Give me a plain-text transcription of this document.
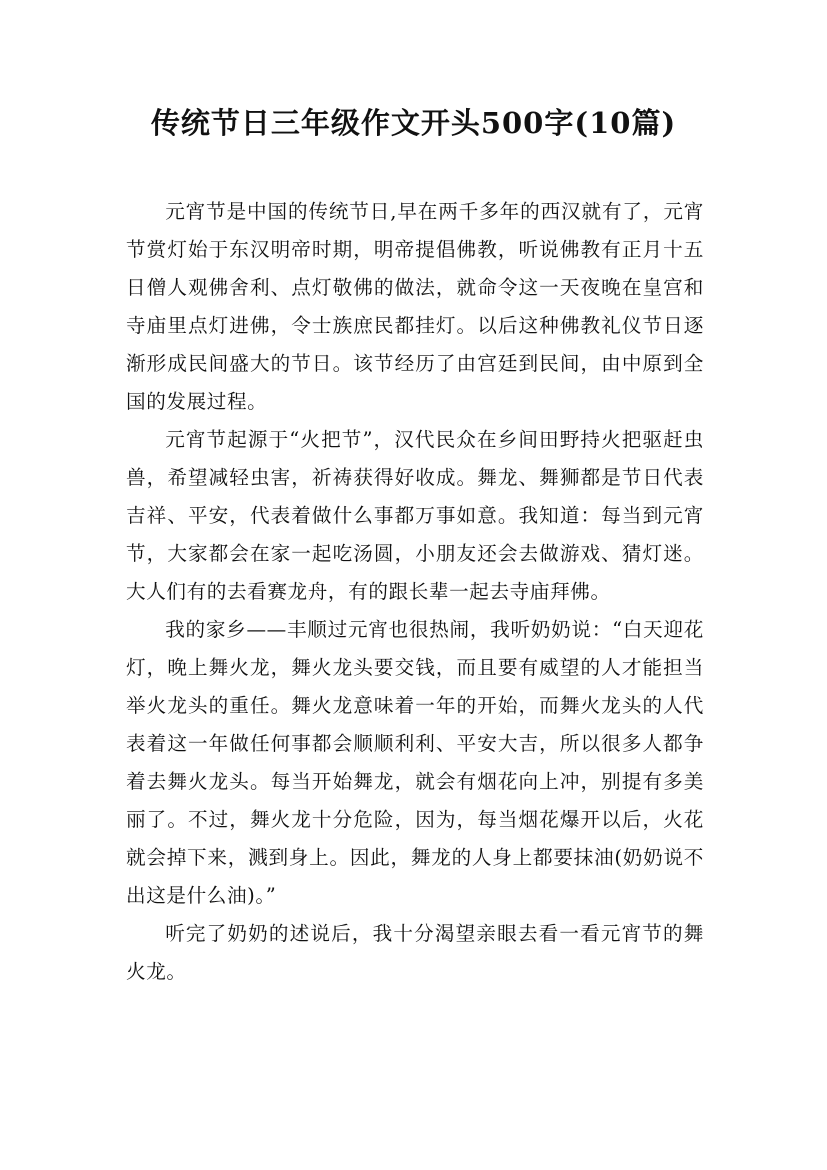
传统节日三年级作文开头500字(10篇)

元宵节是中国的传统节日,早在两千多年的西汉就有了，元宵节赏灯始于东汉明帝时期，明帝提倡佛教，听说佛教有正月十五日僧人观佛舍利、点灯敬佛的做法，就命令这一天夜晚在皇宫和寺庙里点灯进佛，令士族庶民都挂灯。以后这种佛教礼仪节日逐渐形成民间盛大的节日。该节经历了由宫廷到民间，由中原到全国的发展过程。

元宵节起源于“火把节”，汉代民众在乡间田野持火把驱赶虫兽，希望减轻虫害，祈祷获得好收成。舞龙、舞狮都是节日代表吉祥、平安，代表着做什么事都万事如意。我知道：每当到元宵节，大家都会在家一起吃汤圆，小朋友还会去做游戏、猜灯迷。大人们有的去看赛龙舟，有的跟长辈一起去寺庙拜佛。

我的家乡——丰顺过元宵也很热闹，我听奶奶说：“白天迎花灯，晚上舞火龙，舞火龙头要交钱，而且要有威望的人才能担当举火龙头的重任。舞火龙意味着一年的开始，而舞火龙头的人代表着这一年做任何事都会顺顺利利、平安大吉，所以很多人都争着去舞火龙头。每当开始舞龙，就会有烟花向上冲，别提有多美丽了。不过，舞火龙十分危险，因为，每当烟花爆开以后，火花就会掉下来，溅到身上。因此，舞龙的人身上都要抹油(奶奶说不出这是什么油)。”

听完了奶奶的述说后，我十分渴望亲眼去看一看元宵节的舞火龙。
